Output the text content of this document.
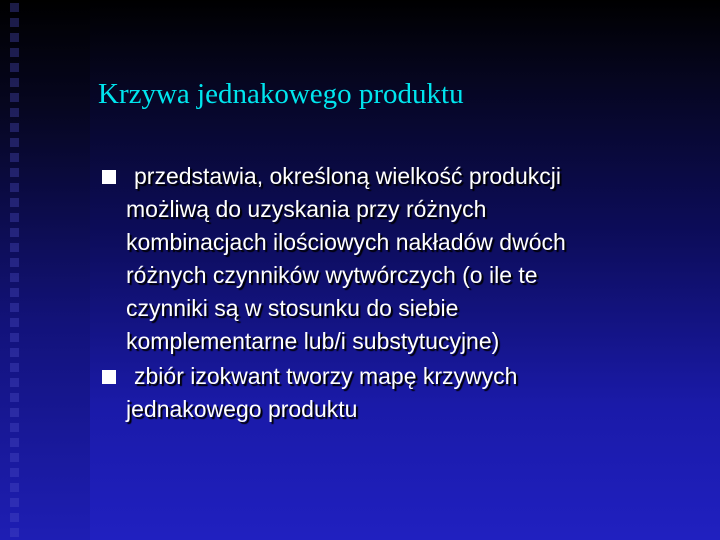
Krzywa jednakowego produktu
przedstawia, określoną wielkość produkcji
możliwą do uzyskania przy różnych
kombinacjach ilościowych nakładów dwóch
różnych czynników wytwórczych (o ile te
czynniki są w stosunku do siebie
komplementarne lub/i substytucyjne)
zbiór izokwant tworzy mapę krzywych
jednakowego produktu
